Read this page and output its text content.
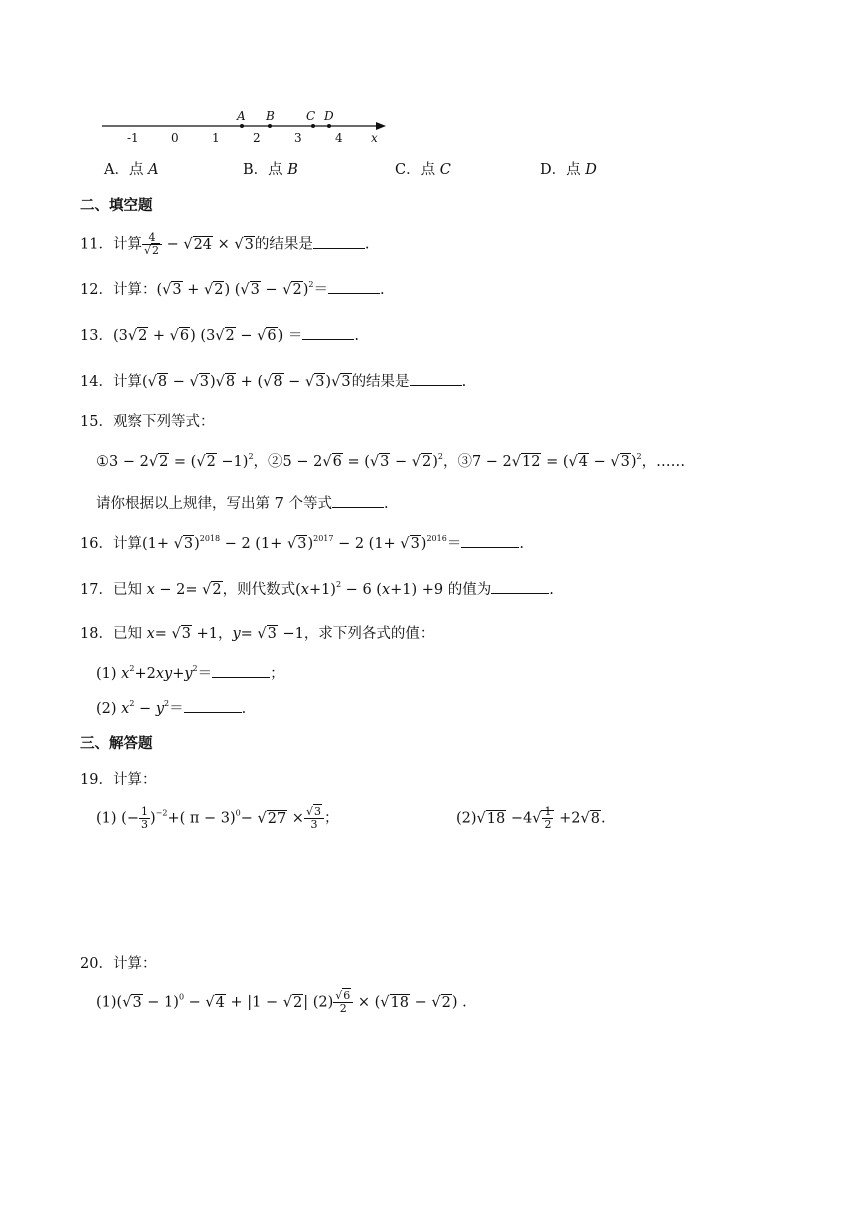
-1	0	1	2	3	4 x
A B	C D
A．点 A	B．点 B	C．点 C	D．点 D
二、填空题
11．计算 $\frac{4}{√2} - √24 \times √3$的结果是	.
12．计算：(√3 + √2) $(√3 - √2)^2=$	.
13．(3√2 + √6) (3√2 − √6) ＝	.
14．计算(√8 − √3)√8 + (√8 − √3)√3的结果是	.
15．观察下列等式：
①3 − $2√2 = (√2 -1)^2$，②5 − $2√6 = (√3 - √2)^2$，③7 − $2√12 = (√4 - √3)^2$，……
请你根据以上规律，写出第 7 个等式	.
16．计算$(1+ √3)^{2018} - 2$ $(1+ √3)^{2017} - 2$ $(1+ √3)^{2016}=$	.
17．已知 x − 2= √2，则代数式$(x+1)^2 - 6$ (x+1) +9 的值为	.
18．已知 x= √3 +1，y= √3 −1，求下列各式的值：
(1) $x^2+2xy+y^2=$	；
(2) $x^2 - y^2=$	.
三、解答题
19．计算：
(1) (− $\frac{1}{3} )^{-2}+$( $\pi - 3)^0- √27 \times \frac{√3}{3}$ ；	$(2)√18 -4√ \frac{1}{2} +2√8$.
20．计算：
$(1)(√3 - 1)^0 - √4 + |1 - √2|$ $(2) \frac{√6}{2} \times (√18 - √2)$ .
